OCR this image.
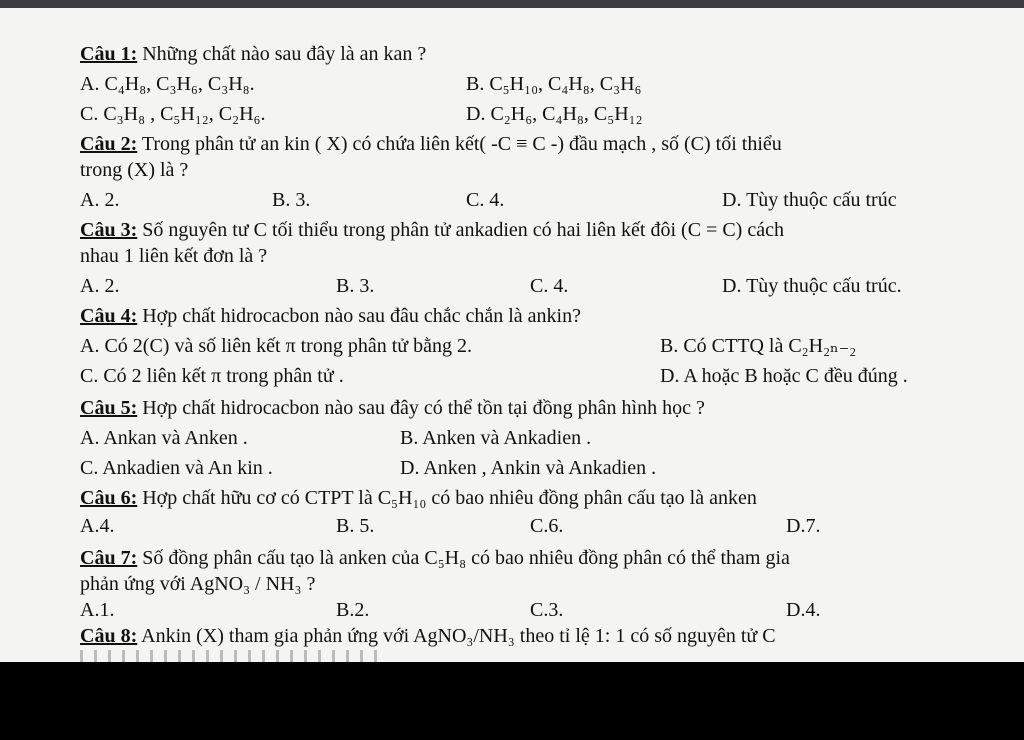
Câu 1: Những chất nào sau đây là an kan ?
A. C₄H₈, C₃H₆, C₃H₈.	B. C₅H₁₀, C₄H₈, C₃H₆
C. C₃H₈ , C₅H₁₂, C₂H₆.	D. C₂H₆, C₄H₈, C₅H₁₂
Câu 2: Trong phân tử an kin ( X) có chứa liên kết( -C ≡ C -) đầu mạch , số (C) tối thiểu
trong (X) là ?
A. 2.	B. 3.	C. 4.	D. Tùy thuộc cấu trúc
Câu 3: Số nguyên tư C tối thiểu trong phân tử ankadien có hai liên kết đôi (C = C) cách
nhau 1 liên kết đơn là ?
A. 2.	B. 3.	C. 4.	D. Tùy thuộc cấu trúc.
Câu 4: Hợp chất hidrocacbon nào sau đâu chắc chắn là ankin?
A. Có 2(C) và số liên kết π trong phân tử bằng 2.	B. Có CTTQ là C₂H₂ₙ₋₂
C. Có 2 liên kết π trong phân tử .	D. A hoặc B hoặc C đều đúng .
Câu 5: Hợp chất hidrocacbon nào sau đây có thể tồn tại đồng phân hình học ?
A. Ankan và Anken .	B. Anken và Ankadien .
C. Ankadien và An kin .	D. Anken , Ankin và Ankadien .
Câu 6: Hợp chất hữu cơ có CTPT là C₅H₁₀ có bao nhiêu đồng phân cấu tạo là anken
A.4.	B. 5.	C.6.	D.7.
Câu 7: Số đồng phân cấu tạo là anken của C₅H₈ có bao nhiêu đồng phân có thể tham gia
phản ứng với AgNO₃ / NH₃ ?
A.1.	B.2.	C.3.	D.4.
Câu 8: Ankin (X) tham gia phản ứng với AgNO₃/NH₃ theo tỉ lệ 1: 1 có số nguyên tử C
